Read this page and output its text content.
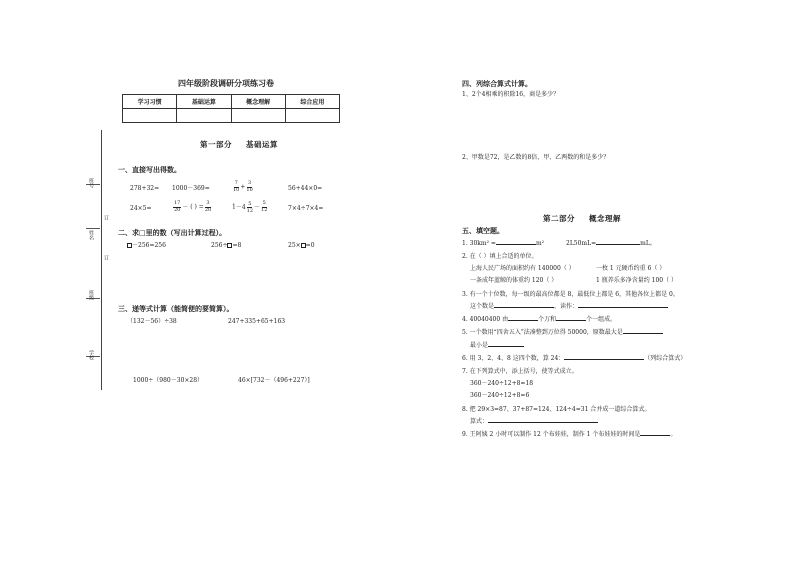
班号
姓名
订
订
班级
学校
四年级阶段调研分项练习卷
学习习惯	基础运算	概念理解	综合应用

第一部分 基础运算
一、直接写出得数。
278+32= 1000－369=	$\frac{7}{10} + \frac{3}{10}$	56+44×0=
24×5=	$\frac{17}{20}$ － ( ) = $\frac{3}{20}$	$1- 4 \frac{5}{12} - \frac{5}{12}$	7×4÷7×4=
二、求□里的数（写出计算过程）。
－256=256	256÷ =8	25× =0
三、递等式计算（能简便的要简算）。
（132－56）÷38	247+335+65+163
1000÷（980－30×28）	46×[732－（496+227）]
四、列综合算式计算。
1、2个4相乘的积除16，商是多少？
2、甲数是72，是乙数的8倍，甲、乙两数的和是多少？
第二部分 概念理解
五、填空题。
1. 30km² =	m²	2L50mL=	mL。
2. 在（ ）填上合适的单位。
上海人民广场的面积约有 140000（ ）	一枚 1 元硬币约重 6（ ）
一条成年蓝鲸的体重约 120（ ）	1 瓶养乐多净含量约 100（ ）
3. 有一个十位数，每一级的最高位都是 8，最低位上都是 6，其他各位上都是 0。
这个数是	，读作：
4. 40040400 由	个万和	个一组成。
5. 一个数用“四舍五入”法凑整到万位得 50000，原数最大是
最小是
6. 用 3、2、4、8 这四个数，算 24：	（列综合算式）
7. 在下列算式中，添上括号，使等式成立。
360－240÷12+8=18
360－240÷12+8=6
8. 把 29×3=87、37+87=124、124÷4=31 合并成一道综合算式。
算式：
9. 王阿姨 2 小时可以制作 12 个布娃娃，制作 1 个布娃娃的时间是	。
